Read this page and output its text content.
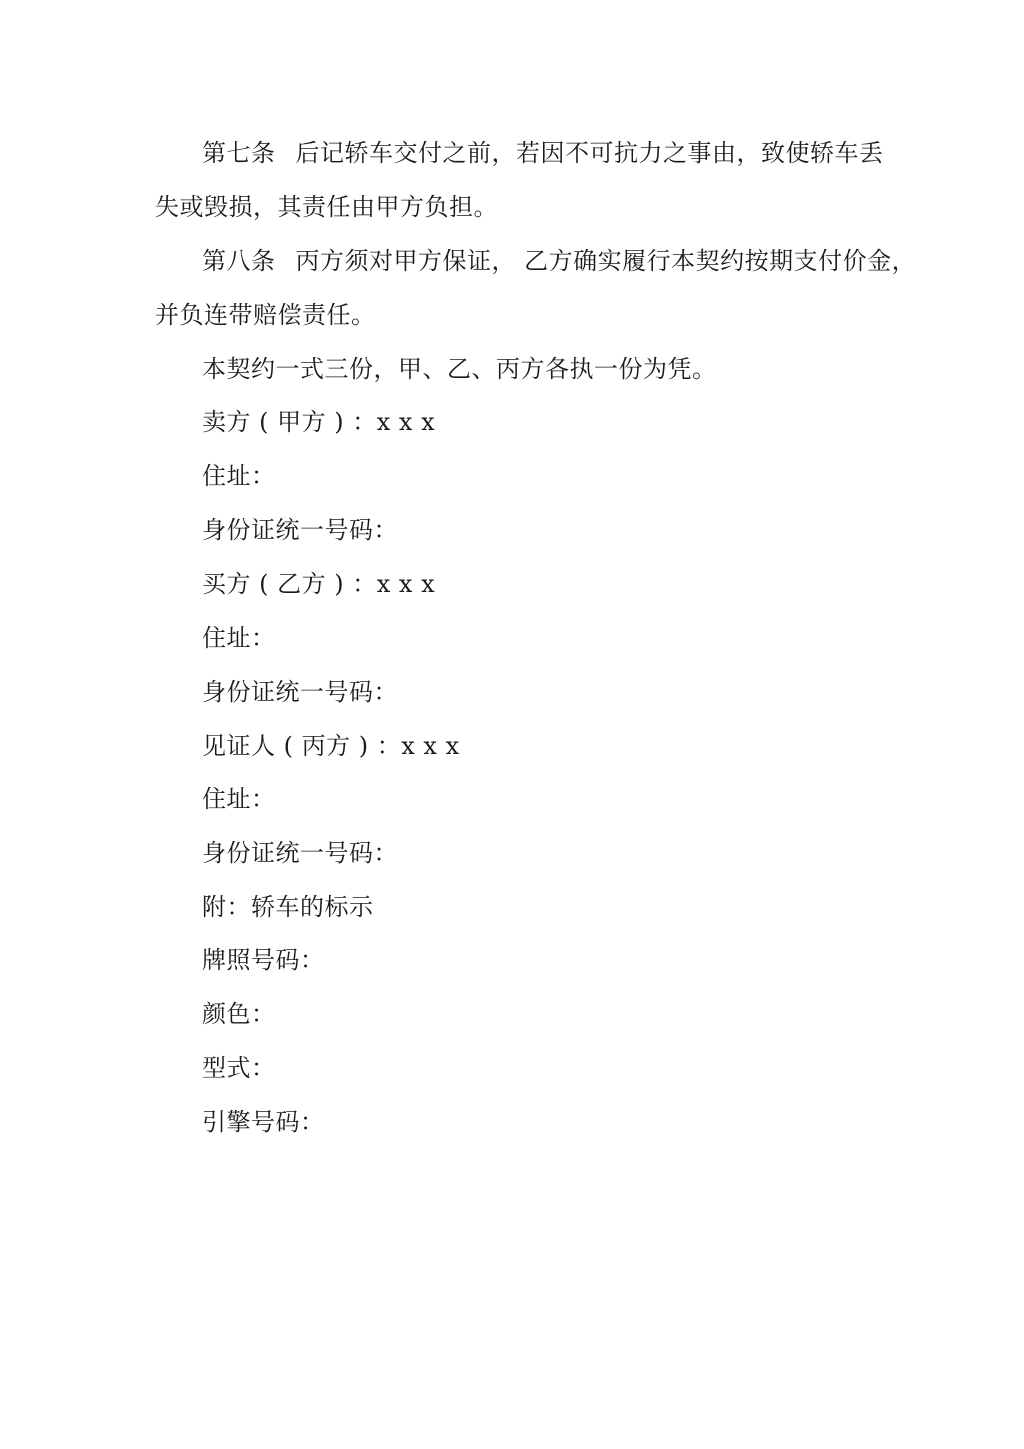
第七条 后记轿车交付之前，若因不可抗力之事由，致使轿车丢
失或毁损，其责任由甲方负担。
第八条 丙方须对甲方保证， 乙方确实履行本契约按期支付价金，
并负连带赔偿责任。
本契约一式三份，甲、乙、丙方各执一份为凭。
卖方 ( 甲方 ) ：x x x
住址：
身份证统一号码：
买方 ( 乙方 ) ：x x x
住址：
身份证统一号码：
见证人 ( 丙方 ) ：x x x
住址：
身份证统一号码：
附：轿车的标示
牌照号码：
颜色：
型式：
引擎号码：
